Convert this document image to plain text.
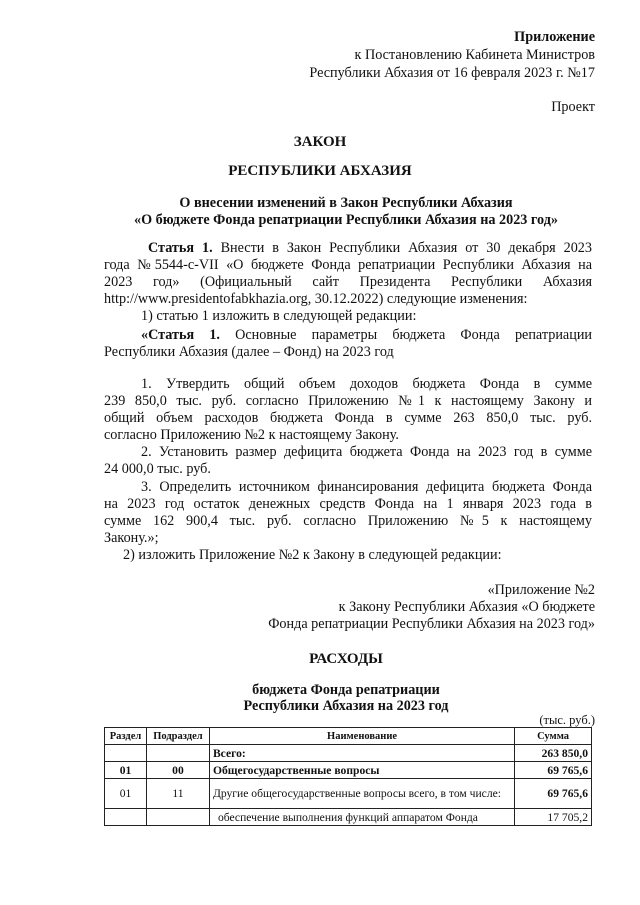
Приложение
к Постановлению Кабинета Министров
Республики Абхазия от 16 февраля 2023 г. №17
Проект
ЗАКОН
РЕСПУБЛИКИ АБХАЗИЯ
О внесении изменений в Закон Республики Абхазия
«О бюджете Фонда репатриации Республики Абхазия на 2023 год»
Статья 1. Внести в Закон Республики Абхазия от 30 декабря 2023
года №5544-с-VII «О бюджете Фонда репатриации Республики Абхазия на
2023 год» (Официальный сайт Президента Республики Абхазия
http://www.presidentofabkhazia.org, 30.12.2022) следующие изменения:
1) статью 1 изложить в следующей редакции:
«Статья 1. Основные параметры бюджета Фонда репатриации
Республики Абхазия (далее – Фонд) на 2023 год
1. Утвердить общий объем доходов бюджета Фонда в сумме
239 850,0 тыс. руб. согласно Приложению №1 к настоящему Закону и
общий объем расходов бюджета Фонда в сумме 263 850,0 тыс. руб.
согласно Приложению №2 к настоящему Закону.
2. Установить размер дефицита бюджета Фонда на 2023 год в сумме
24 000,0 тыс. руб.
3. Определить источником финансирования дефицита бюджета Фонда
на 2023 год остаток денежных средств Фонда на 1 января 2023 года в
сумме 162 900,4 тыс. руб. согласно Приложению №5 к настоящему
Закону.»;
2) изложить Приложение №2 к Закону в следующей редакции:
«Приложение №2
к Закону Республики Абхазия «О бюджете
Фонда репатриации Республики Абхазия на 2023 год»
РАСХОДЫ
бюджета Фонда репатриации
Республики Абхазия на 2023 год
(тыс. руб.)
Раздел	Подраздел	Наименование	Сумма
		Всего:	263 850,0
01	00	Общегосударственные вопросы	69 765,6
01	11	Другие общегосударственные вопросы всего, в том числе:	69 765,6
		обеспечение выполнения функций аппаратом Фонда	17 705,2
